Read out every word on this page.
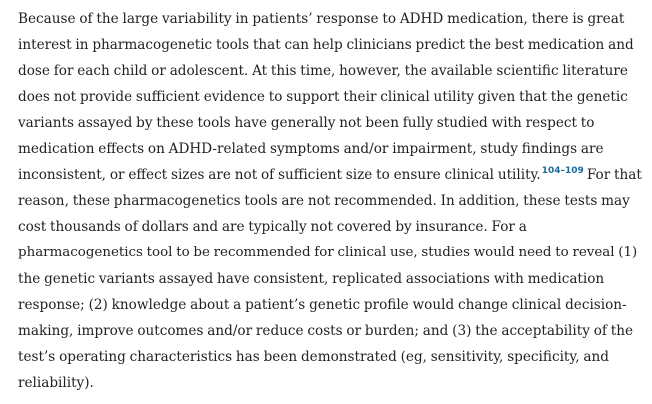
Because of the large variability in patients’ response to ADHD medication, there is great
interest in pharmacogenetic tools that can help clinicians predict the best medication and
dose for each child or adolescent. At this time, however, the available scientific literature
does not provide sufficient evidence to support their clinical utility given that the genetic
variants assayed by these tools have generally not been fully studied with respect to
medication effects on ADHD-related symptoms and/or impairment, study findings are
inconsistent, or effect sizes are not of sufficient size to ensure clinical utility.$^{104-109}$ For that
reason, these pharmacogenetics tools are not recommended. In addition, these tests may
cost thousands of dollars and are typically not covered by insurance. For a
pharmacogenetics tool to be recommended for clinical use, studies would need to reveal (1)
the genetic variants assayed have consistent, replicated associations with medication
response; (2) knowledge about a patient’s genetic profile would change clinical decision-
making, improve outcomes and/or reduce costs or burden; and (3) the acceptability of the
test’s operating characteristics has been demonstrated (eg, sensitivity, specificity, and
reliability).
